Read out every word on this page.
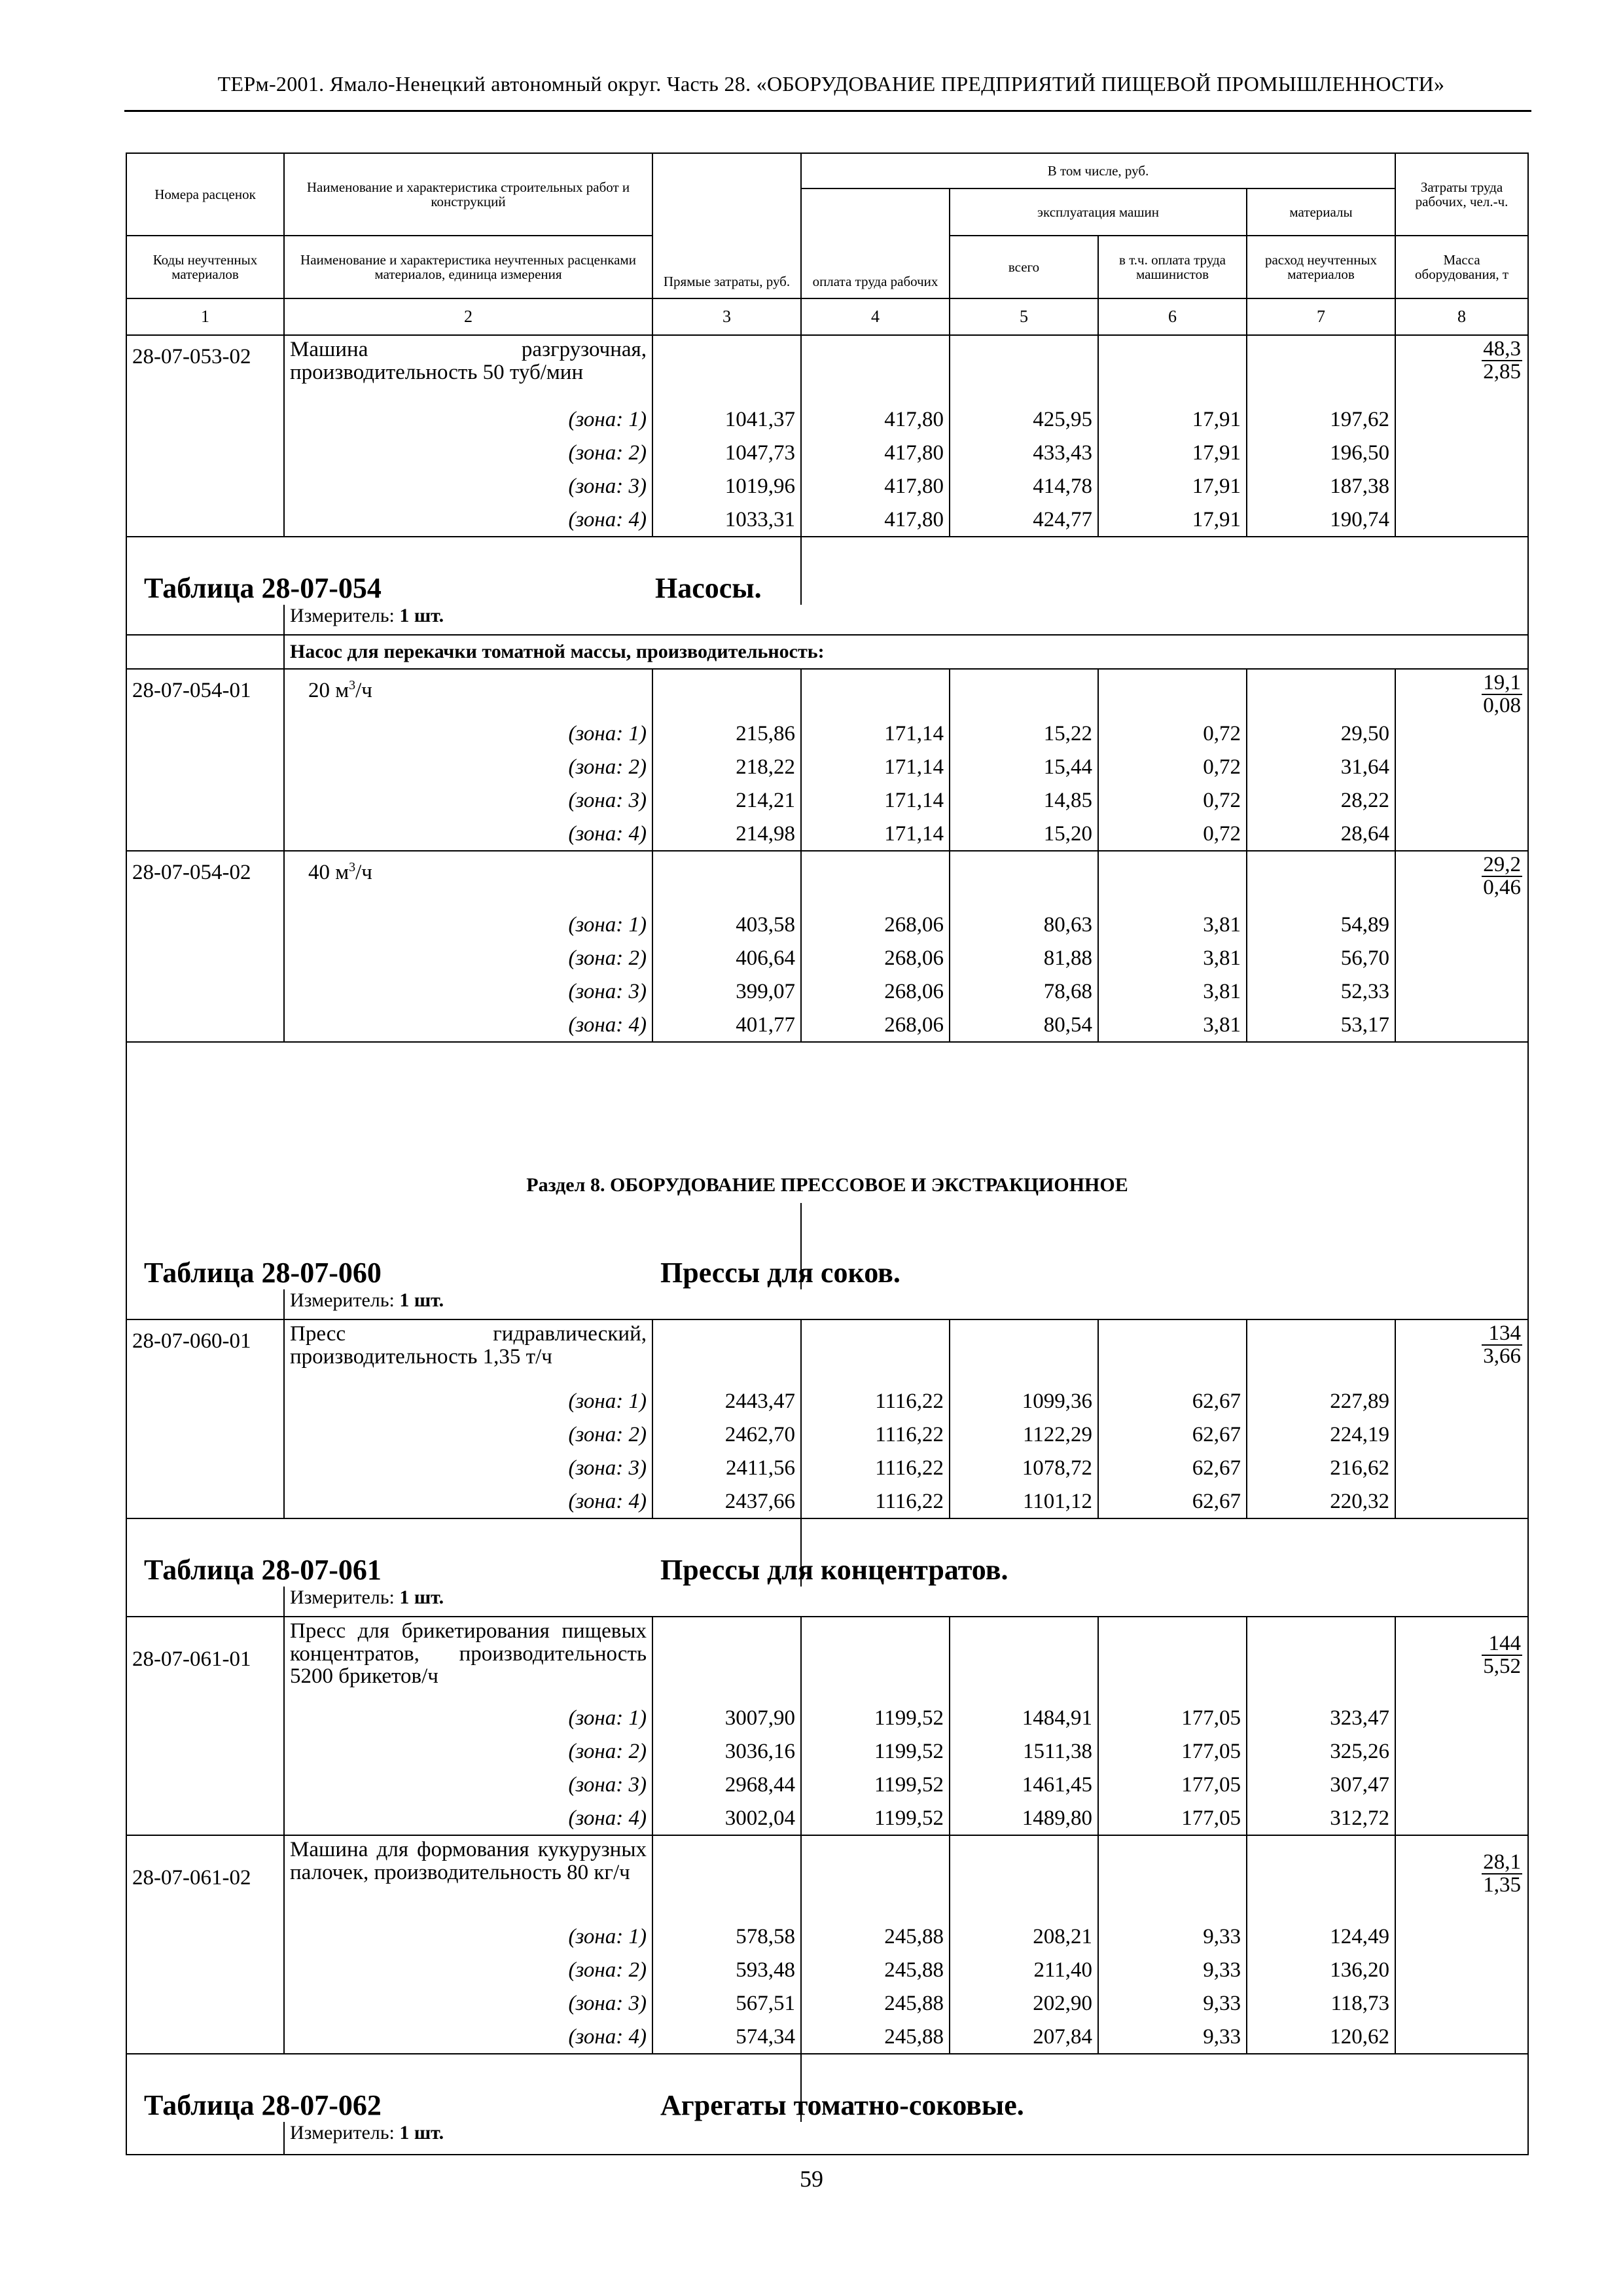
ТЕРм-2001. Ямало-Ненецкий автономный округ. Часть 28. «ОБОРУДОВАНИЕ ПРЕДПРИЯТИЙ ПИЩЕВОЙ ПРОМЫШЛЕННОСТИ»
Номера расценок	Наименование и характеристика строительных работ и конструкций	Прямые затраты, руб.	В том числе, руб.				Затраты труда рабочих, чел.-ч.
			оплата труда рабочих	эксплуатация машин		материалы	
Коды неучтенных материалов	Наименование и характеристика неучтенных расценками материалов, единица измерения			всего	в т.ч. оплата труда машинистов	расход неучтенных материалов	Масса оборудования, т
1	2	3	4	5	6	7	8
28-07-053-02	Машина разгрузочная, производительность 50 туб/мин						$\frac{48,3}{2,85}$

	(зона: 1)	1041,37	417,80	425,95	17,91	197,62	
	(зона: 2)	1047,73	417,80	433,43	17,91	196,50	
	(зона: 3)	1019,96	417,80	414,78	17,91	187,38	
	(зона: 4)	1033,31	417,80	424,77	17,91	190,74	
Таблица 28-07-054			Насосы.				
	Измеритель: 1 шт.						
	Насос для перекачки томатной массы, производительность:						
28-07-054-01	20 $м^3/ч$						$\frac{19,1}{0,08}$

	(зона: 1)	215,86	171,14	15,22	0,72	29,50	
	(зона: 2)	218,22	171,14	15,44	0,72	31,64	
	(зона: 3)	214,21	171,14	14,85	0,72	28,22	
	(зона: 4)	214,98	171,14	15,20	0,72	28,64	
28-07-054-02	40 $м^3/ч$						$\frac{29,2}{0,46}$

	(зона: 1)	403,58	268,06	80,63	3,81	54,89	
	(зона: 2)	406,64	268,06	81,88	3,81	56,70	
	(зона: 3)	399,07	268,06	78,68	3,81	52,33	
	(зона: 4)	401,77	268,06	80,54	3,81	53,17	
Раздел 8. ОБОРУДОВАНИЕ ПРЕССОВОЕ И ЭКСТРАКЦИОННОЕ							
Таблица 28-07-060			Прессы для соков.				
	Измеритель: 1 шт.						
28-07-060-01	Пресс гидравлический, производительность 1,35 т/ч						$\frac{134}{3,66}$

	(зона: 1)	2443,47	1116,22	1099,36	62,67	227,89	
	(зона: 2)	2462,70	1116,22	1122,29	62,67	224,19	
	(зона: 3)	2411,56	1116,22	1078,72	62,67	216,62	
	(зона: 4)	2437,66	1116,22	1101,12	62,67	220,32	
Таблица 28-07-061			Прессы для концентратов.				
	Измеритель: 1 шт.						
28-07-061-01	Пресс для брикетирования пищевых концентратов, производительность 5200 брикетов/ч						$\frac{144}{5,52}$

	(зона: 1)	3007,90	1199,52	1484,91	177,05	323,47	
	(зона: 2)	3036,16	1199,52	1511,38	177,05	325,26	
	(зона: 3)	2968,44	1199,52	1461,45	177,05	307,47	
	(зона: 4)	3002,04	1199,52	1489,80	177,05	312,72	
28-07-061-02	Машина для формования кукурузных палочек, производительность 80 кг/ч						$\frac{28,1}{1,35}$

	(зона: 1)	578,58	245,88	208,21	9,33	124,49	
	(зона: 2)	593,48	245,88	211,40	9,33	136,20	
	(зона: 3)	567,51	245,88	202,90	9,33	118,73	
	(зона: 4)	574,34	245,88	207,84	9,33	120,62	
Таблица 28-07-062			Агрегаты томатно-соковые.				
	Измеритель: 1 шт.						
59
